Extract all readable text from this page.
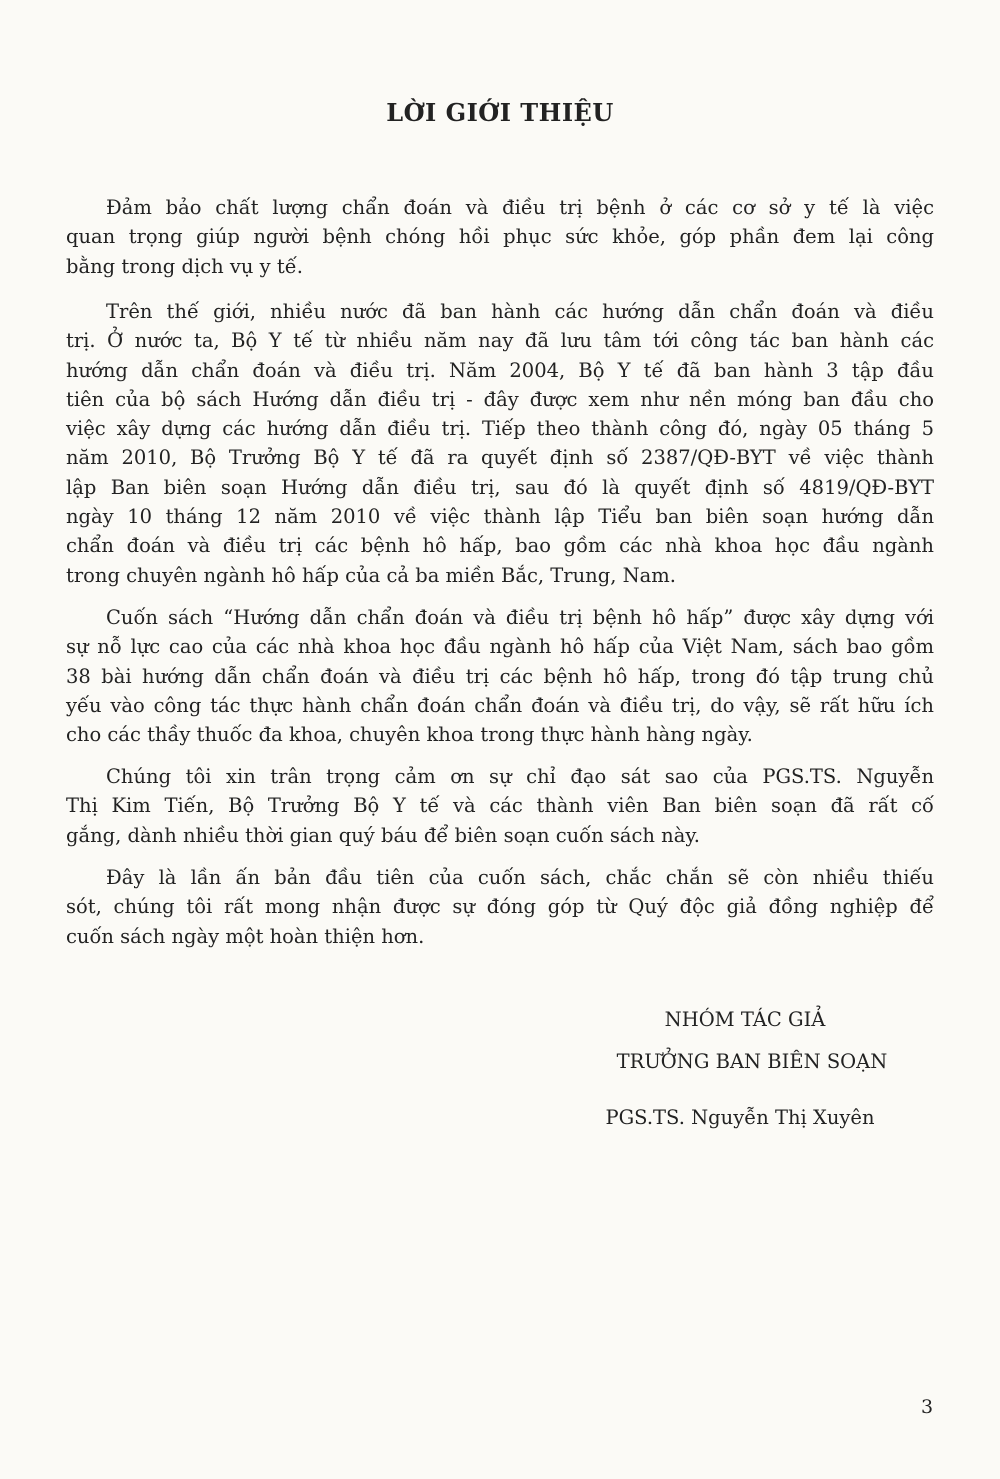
LỜI GIỚI THIỆU
Đảm bảo chất lượng chẩn đoán và điều trị bệnh ở các cơ sở y tế là việc
quan trọng giúp người bệnh chóng hồi phục sức khỏe, góp phần đem lại công
bằng trong dịch vụ y tế.
Trên thế giới, nhiều nước đã ban hành các hướng dẫn chẩn đoán và điều
trị. Ở nước ta, Bộ Y tế từ nhiều năm nay đã lưu tâm tới công tác ban hành các
hướng dẫn chẩn đoán và điều trị. Năm 2004, Bộ Y tế đã ban hành 3 tập đầu
tiên của bộ sách Hướng dẫn điều trị - đây được xem như nền móng ban đầu cho
việc xây dựng các hướng dẫn điều trị. Tiếp theo thành công đó, ngày 05 tháng 5
năm 2010, Bộ Trưởng Bộ Y tế đã ra quyết định số 2387/QĐ-BYT về việc thành
lập Ban biên soạn Hướng dẫn điều trị, sau đó là quyết định số 4819/QĐ-BYT
ngày 10 tháng 12 năm 2010 về việc thành lập Tiểu ban biên soạn hướng dẫn
chẩn đoán và điều trị các bệnh hô hấp, bao gồm các nhà khoa học đầu ngành
trong chuyên ngành hô hấp của cả ba miền Bắc, Trung, Nam.
Cuốn sách “Hướng dẫn chẩn đoán và điều trị bệnh hô hấp” được xây dựng với
sự nỗ lực cao của các nhà khoa học đầu ngành hô hấp của Việt Nam, sách bao gồm
38 bài hướng dẫn chẩn đoán và điều trị các bệnh hô hấp, trong đó tập trung chủ
yếu vào công tác thực hành chẩn đoán chẩn đoán và điều trị, do vậy, sẽ rất hữu ích
cho các thầy thuốc đa khoa, chuyên khoa trong thực hành hàng ngày.
Chúng tôi xin trân trọng cảm ơn sự chỉ đạo sát sao của PGS.TS. Nguyễn
Thị Kim Tiến, Bộ Trưởng Bộ Y tế và các thành viên Ban biên soạn đã rất cố
gắng, dành nhiều thời gian quý báu để biên soạn cuốn sách này.
Đây là lần ấn bản đầu tiên của cuốn sách, chắc chắn sẽ còn nhiều thiếu
sót, chúng tôi rất mong nhận được sự đóng góp từ Quý độc giả đồng nghiệp để
cuốn sách ngày một hoàn thiện hơn.
NHÓM TÁC GIẢ
TRƯỞNG BAN BIÊN SOẠN
PGS.TS. Nguyễn Thị Xuyên
3
